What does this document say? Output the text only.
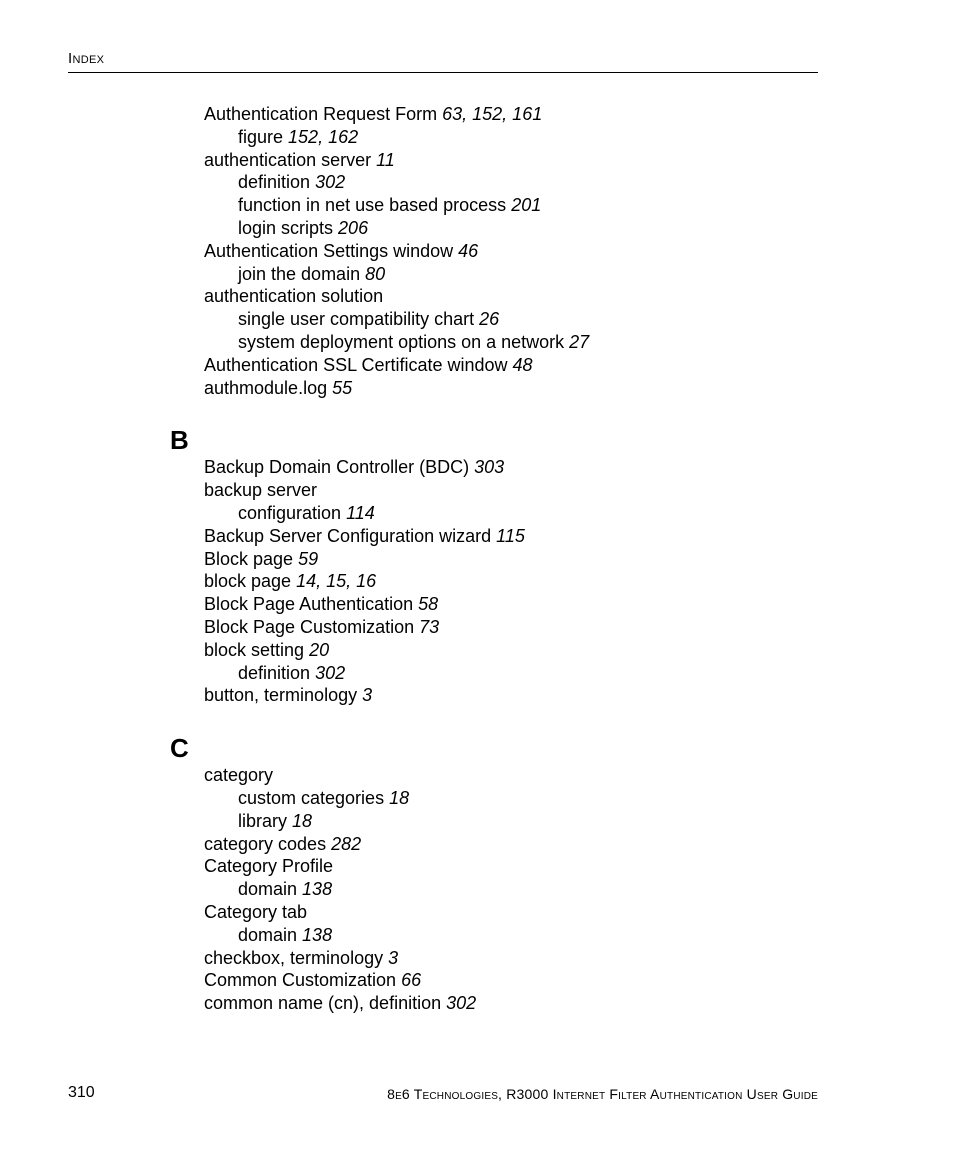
Index
Authentication Request Form 63, 152, 161
figure 152, 162
authentication server 11
definition 302
function in net use based process 201
login scripts 206
Authentication Settings window 46
join the domain 80
authentication solution
single user compatibility chart 26
system deployment options on a network 27
Authentication SSL Certificate window 48
authmodule.log 55
B
Backup Domain Controller (BDC) 303
backup server
configuration 114
Backup Server Configuration wizard 115
Block page 59
block page 14, 15, 16
Block Page Authentication 58
Block Page Customization 73
block setting 20
definition 302
button, terminology 3
C
category
custom categories 18
library 18
category codes 282
Category Profile
domain 138
Category tab
domain 138
checkbox, terminology 3
Common Customization 66
common name (cn), definition 302
310	8e6 Technologies, R3000 Internet Filter Authentication User Guide
